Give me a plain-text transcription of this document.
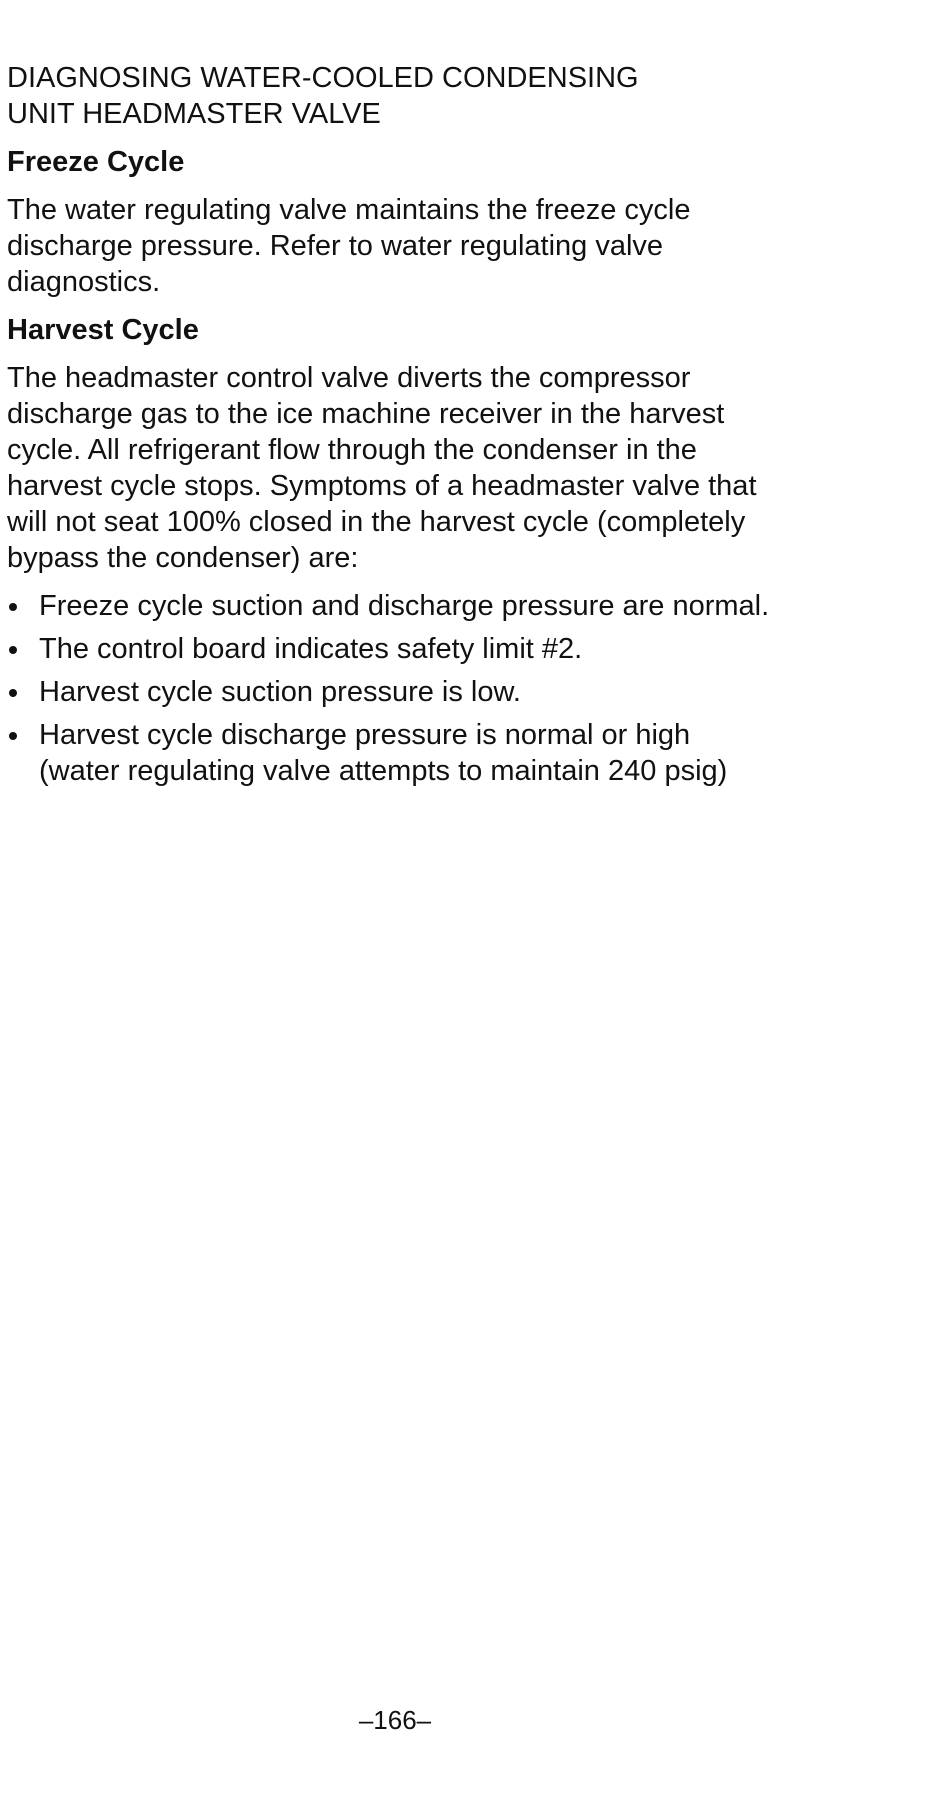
DIAGNOSING WATER-COOLED CONDENSING
UNIT HEADMASTER VALVE
Freeze Cycle

The water regulating valve maintains the freeze cycle discharge pressure. Refer to water regulating valve diagnostics.

Harvest Cycle

The headmaster control valve diverts the compressor discharge gas to the ice machine receiver in the harvest cycle. All refrigerant flow through the condenser in the harvest cycle stops. Symptoms of a headmaster valve that will not seat 100% closed in the harvest cycle (completely bypass the condenser) are:

Freeze cycle suction and discharge pressure are normal.
The control board indicates safety limit #2.
Harvest cycle suction pressure is low.
Harvest cycle discharge pressure is normal or high (water regulating valve attempts to maintain 240 psig)
–166–
